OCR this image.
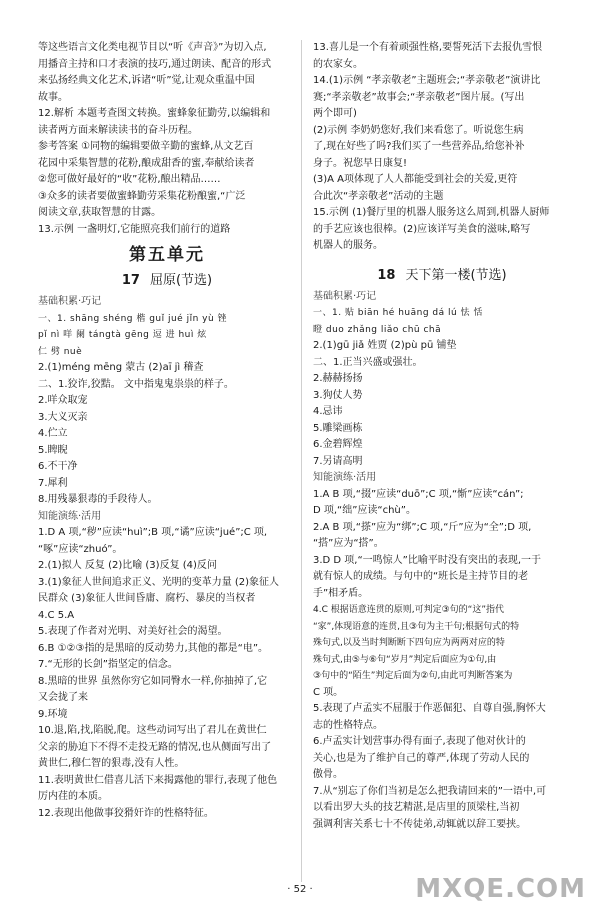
等这些语言文化类电视节目以“听《声音》”为切入点,
用播音主持和口才表演的技巧,通过朗读、配音的形式
来弘扬经典文化艺术,诉诸“听”觉,让观众重温中国
故事。
12.解析 本题考查图文转换。蜜蜂象征勤劳,以编辑和
读者两方面来解读读书的奋斗历程。
参考答案 ①同物的编辑要做辛勤的蜜蜂,从文艺百
花园中采集智慧的花粉,酿成甜香的蜜,奉献给读者
②您可做好最好的“收”花粉,酿出精品……
③众多的读者要做蜜蜂勤劳采集花粉酿蜜,“广泛
阅读文章,获取智慧的甘露。
13.示例 一盏明灯,它能照亮我们前行的道路
第五单元
17 屈原(节选)
基础积累·巧记
一、1. shāng shéng 楷 guǐ jué jǐn yù 锉
pǐ nì 咩 阑 tángtà gēng 逗 进 huì 炫
仁 劈 nuè
2.(1)méng mēng 蒙古 (2)aī jì 稽查
二、1.狡诈,狡黠。 文中指鬼鬼祟祟的样子。
2.咩众取宠
3.大义灭亲
4.伫立
5.睥睨
6.不干净
7.犀利
8.用残暴狠毒的手段待人。
知能演练·活用
1.D A 项,“秽”应读“huì”;B 项,“谲”应读“jué”;C 项,
“啄”应读“zhuó”。
2.(1)拟人 反复 (2)比喻 (3)反复 (4)反问
3.(1)象征人世间追求正义、光明的变革力量 (2)象征人
民群众 (3)象征人世间昏庸、腐朽、暴戾的当权者
4.C 5.A
5.表现了作者对光明、对美好社会的渴望。
6.B ①②③指的是黑暗的反动势力,其他的都是“电”。
7.“无形的长剑”指坚定的信念。
8.黑暗的世界 虽然你穷它如同臀水一样,你抽掉了,它
又会拢了来
9.环境
10.退,陷,找,陷脱,爬。这些动词写出了君儿在黄世仁
父亲的胁迫下不得不走投无路的情况,也从侧面写出了
黄世仁,穆仁智的狠毒,没有人性。
11.表明黄世仁借喜儿活下来揭露他的罪行,表现了他色
厉内荏的本质。
12.表现出他做事狡猾奸诈的性格特征。
13.喜儿是一个有着顽强性格,要誓死活下去报仇雪恨
的农家女。
14.(1)示例 “孝亲敬老”主题班会;“孝亲敬老”演讲比
赛;“孝亲敬老”故事会;“孝亲敬老”图片展。(写出
两个即可)
(2)示例 李奶奶您好,我们来看您了。听说您生病
了,现在好些了吗?我们买了一些营养品,给您补补
身子。祝您早日康复!
(3)A A项体现了人人都能受到社会的关爱,更符
合此次“孝亲敬老”活动的主题
15.示例 (1)餐厅里的机器人服务这么周到,机器人厨师
的手艺应该也很棒。(2)应该详写美食的滋味,略写
机器人的服务。
18 天下第一楼(节选)
基础积累·巧记
一、1. 贴 biān hé huāng dá lú 怯 恬
瞪 duo zhǎng liǎo chū chā
2.(1)gū jiǎ 姓贾 (2)pù pū 铺垫
二、1.正当兴盛或强壮。
2.赫赫扬扬
3.狗仗人势
4.忌讳
5.雕梁画栋
6.金碧辉煌
7.另请高明
知能演练·活用
1.A B 项,“掇”应读“duō”;C 项,“惭”应读“cán”;
D 项,“绌”应读“chù”。
2.A B 项,“搽”应为“绑”;C 项,“斤”应为“全”;D 项,
“搭”应为“搭”。
3.D D 项,“一鸣惊人”比喻平时没有突出的表现,一于
就有惊人的成绩。与句中的“班长是主持节目的老
手”相矛盾。
4.C 根据语意连贯的原则,可判定③句的“这”指代
“家”,体现语意的连贯,且③句为主干句;根据句式的特
殊句式,以及当时判断断下四句应为两两对应的特
殊句式,由⑤与⑥句“岁月”判定后面应为①句,由
③句中的“陌生”判定后面为②句,由此可判断答案为
C 项。
5.表现了卢孟实不屈服于作恶倔犯、自尊自强,胸怀大
志的性格特点。
6.卢孟实计划营事办得有面子,表现了他对伙计的
关心,也是为了维护自己的尊严,体现了劳动人民的
傲骨。
7.从“别忘了你们当初是怎么把我请回来的”一语中,可
以看出罗大头的技艺精湛,是店里的顶梁柱,当初
强调利害关系七十不传徒弟,动辄就以辞工要挟。
· 52 ·	MXQE.COM
